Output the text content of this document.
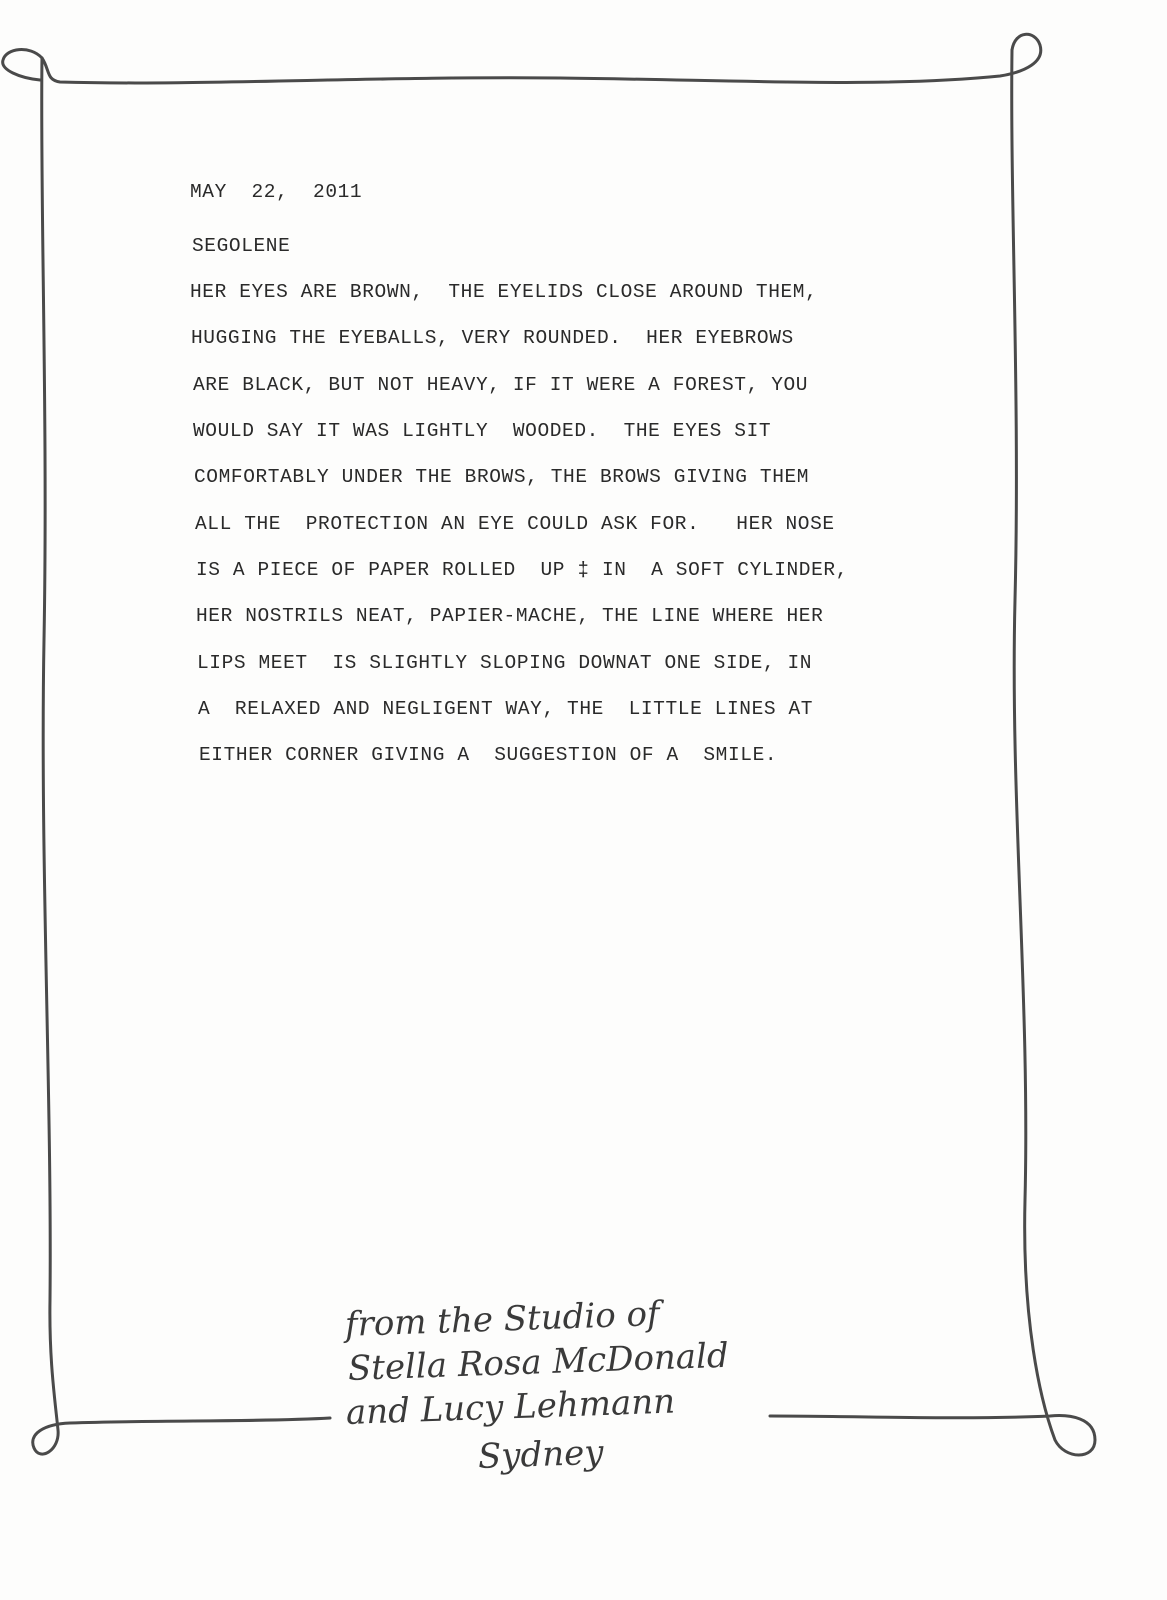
MAY  22,  2011
SEGOLENE
HER EYES ARE BROWN,  THE EYELIDS CLOSE AROUND THEM,
HUGGING THE EYEBALLS, VERY ROUNDED.  HER EYEBROWS
ARE BLACK, BUT NOT HEAVY, IF IT WERE A FOREST, YOU
WOULD SAY IT WAS LIGHTLY  WOODED.  THE EYES SIT
COMFORTABLY UNDER THE BROWS, THE BROWS GIVING THEM
ALL THE  PROTECTION AN EYE COULD ASK FOR.   HER NOSE
IS A PIECE OF PAPER ROLLED  UP ‡ IN  A SOFT CYLINDER,
HER NOSTRILS NEAT, PAPIER-MACHE, THE LINE WHERE HER
LIPS MEET  IS SLIGHTLY SLOPING DOWNAT ONE SIDE, IN
A  RELAXED AND NEGLIGENT WAY, THE  LITTLE LINES AT
EITHER CORNER GIVING A  SUGGESTION OF A  SMILE.
from the Studio of
Stella Rosa McDonald
and Lucy Lehmann
Sydney
